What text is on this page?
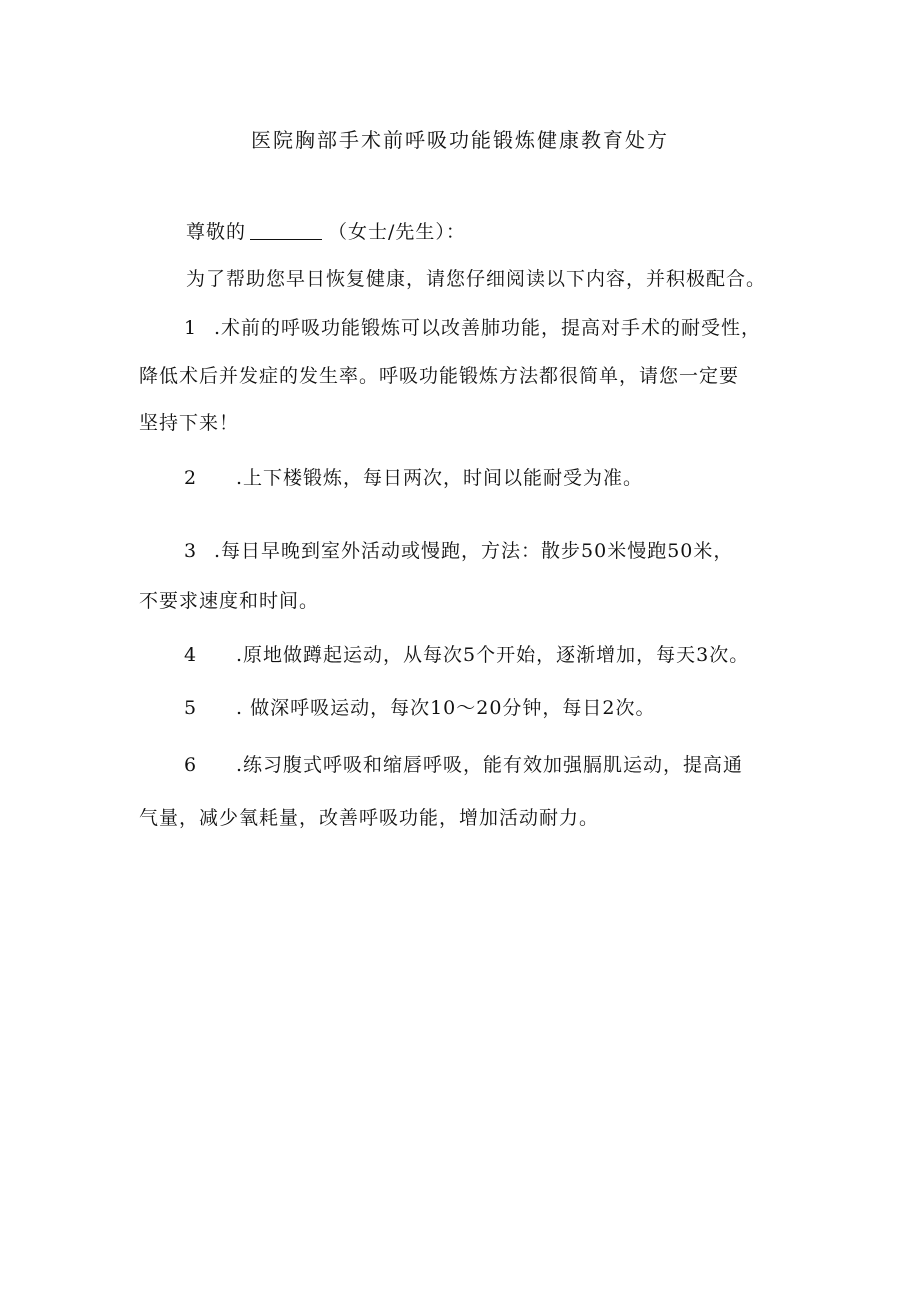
医院胸部手术前呼吸功能锻炼健康教育处方
尊敬的	（女士/先生）：
为了帮助您早日恢复健康，请您仔细阅读以下内容，并积极配合。
1 .术前的呼吸功能锻炼可以改善肺功能，提高对手术的耐受性，
降低术后并发症的发生率。呼吸功能锻炼方法都很简单，请您一定要
坚持下来！
2 .上下楼锻炼，每日两次，时间以能耐受为准。
3 .每日早晚到室外活动或慢跑，方法：散步50米慢跑50米，
不要求速度和时间。
4 .原地做蹲起运动，从每次5个开始，逐渐增加，每天3次。
5 . 做深呼吸运动，每次10～20分钟，每日2次。
6 .练习腹式呼吸和缩唇呼吸，能有效加强膈肌运动，提高通
气量，减少氧耗量，改善呼吸功能，增加活动耐力。
